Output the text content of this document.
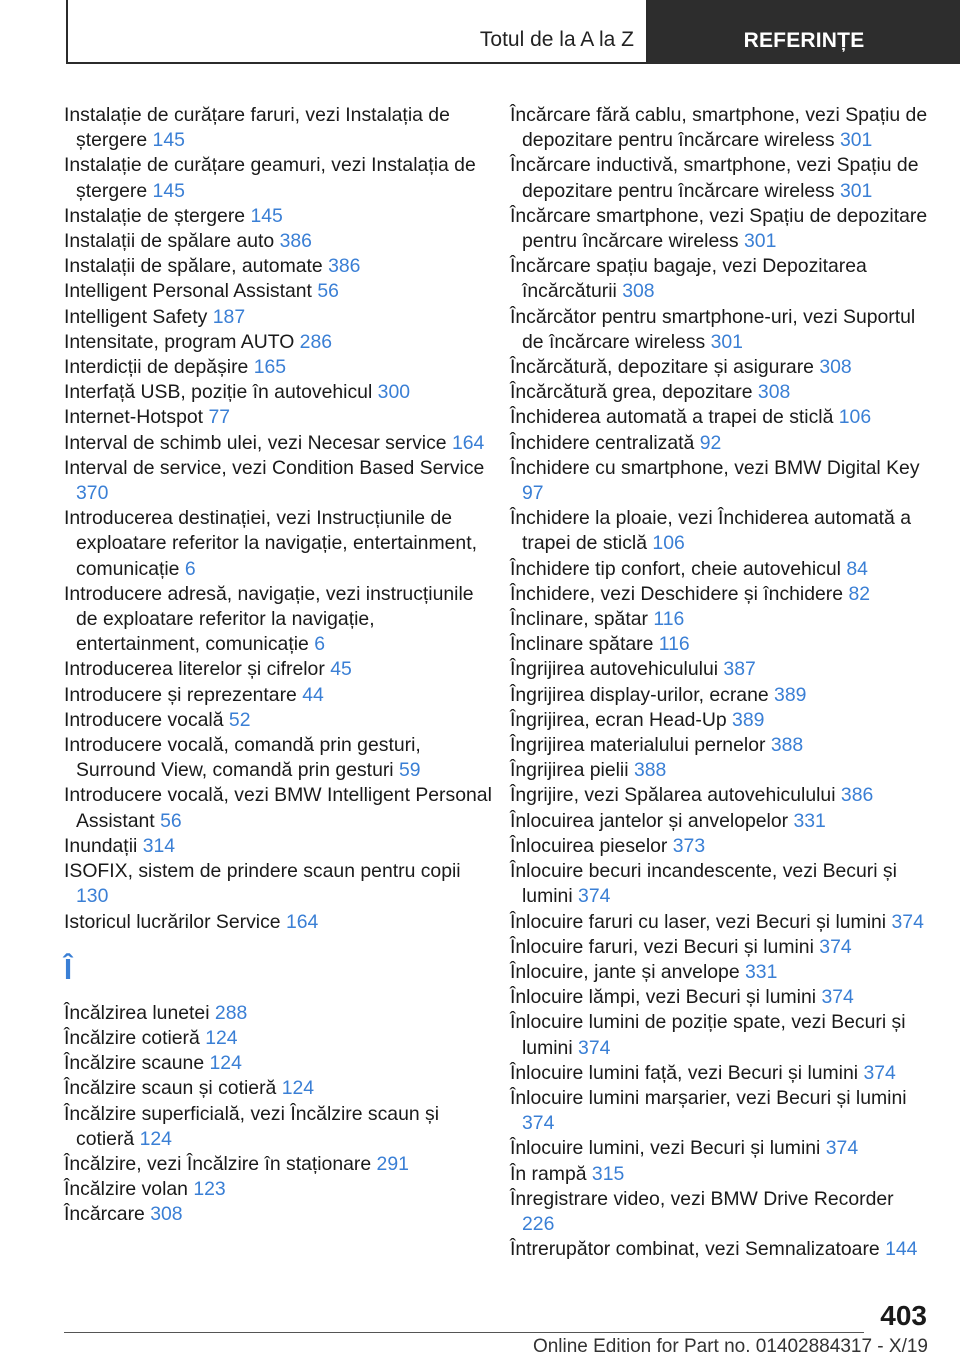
Totul de la A la Z	REFERINȚE
Instalație de curățare faruri, vezi Instalația de ștergere 145
Instalație de curățare geamuri, vezi Instalația de ștergere 145
Instalație de ștergere 145
Instalații de spălare auto 386
Instalații de spălare, automate 386
Intelligent Personal Assistant 56
Intelligent Safety 187
Intensitate, program AUTO 286
Interdicții de depășire 165
Interfață USB, poziție în autovehicul 300
Internet-Hotspot 77
Interval de schimb ulei, vezi Necesar service 164
Interval de service, vezi Condition Based Service 370
Introducerea destinației, vezi Instrucțiunile de exploatare referitor la navigație, entertainment, comunicație 6
Introducere adresă, navigație, vezi instrucțiunile de exploatare referitor la navigație, entertainment, comunicație 6
Introducerea literelor și cifrelor 45
Introducere și reprezentare 44
Introducere vocală 52
Introducere vocală, comandă prin gesturi, Surround View, comandă prin gesturi 59
Introducere vocală, vezi BMW Intelligent Personal Assistant 56
Inundații 314
ISOFIX, sistem de prindere scaun pentru copii 130
Istoricul lucrărilor Service 164
Î
Încălzirea lunetei 288
Încălzire cotieră 124
Încălzire scaune 124
Încălzire scaun și cotieră 124
Încălzire superficială, vezi Încălzire scaun și cotieră 124
Încălzire, vezi Încălzire în staționare 291
Încălzire volan 123
Încărcare 308
Încărcare fără cablu, smartphone, vezi Spațiu de depozitare pentru încărcare wireless 301
Încărcare inductivă, smartphone, vezi Spațiu de depozitare pentru încărcare wireless 301
Încărcare smartphone, vezi Spațiu de depozitare pentru încărcare wireless 301
Încărcare spațiu bagaje, vezi Depozitarea încărcăturii 308
Încărcător pentru smartphone-uri, vezi Suportul de încărcare wireless 301
Încărcătură, depozitare și asigurare 308
Încărcătură grea, depozitare 308
Închiderea automată a trapei de sticlă 106
Închidere centralizată 92
Închidere cu smartphone, vezi BMW Digital Key 97
Închidere la ploaie, vezi Închiderea automată a trapei de sticlă 106
Închidere tip confort, cheie autovehicul 84
Închidere, vezi Deschidere și închidere 82
Înclinare, spătar 116
Înclinare spătare 116
Îngrijirea autovehiculului 387
Îngrijirea display-urilor, ecrane 389
Îngrijirea, ecran Head-Up 389
Îngrijirea materialului pernelor 388
Îngrijirea pielii 388
Îngrijire, vezi Spălarea autovehiculului 386
Înlocuirea jantelor și anvelopelor 331
Înlocuirea pieselor 373
Înlocuire becuri incandescente, vezi Becuri și lumini 374
Înlocuire faruri cu laser, vezi Becuri și lumini 374
Înlocuire faruri, vezi Becuri și lumini 374
Înlocuire, jante și anvelope 331
Înlocuire lămpi, vezi Becuri și lumini 374
Înlocuire lumini de poziție spate, vezi Becuri și lumini 374
Înlocuire lumini față, vezi Becuri și lumini 374
Înlocuire lumini marșarier, vezi Becuri și lumini 374
Înlocuire lumini, vezi Becuri și lumini 374
În rampă 315
Înregistrare video, vezi BMW Drive Recorder 226
Întrerupător combinat, vezi Semnalizatoare 144
403
Online Edition for Part no. 01402884317 - X/19
